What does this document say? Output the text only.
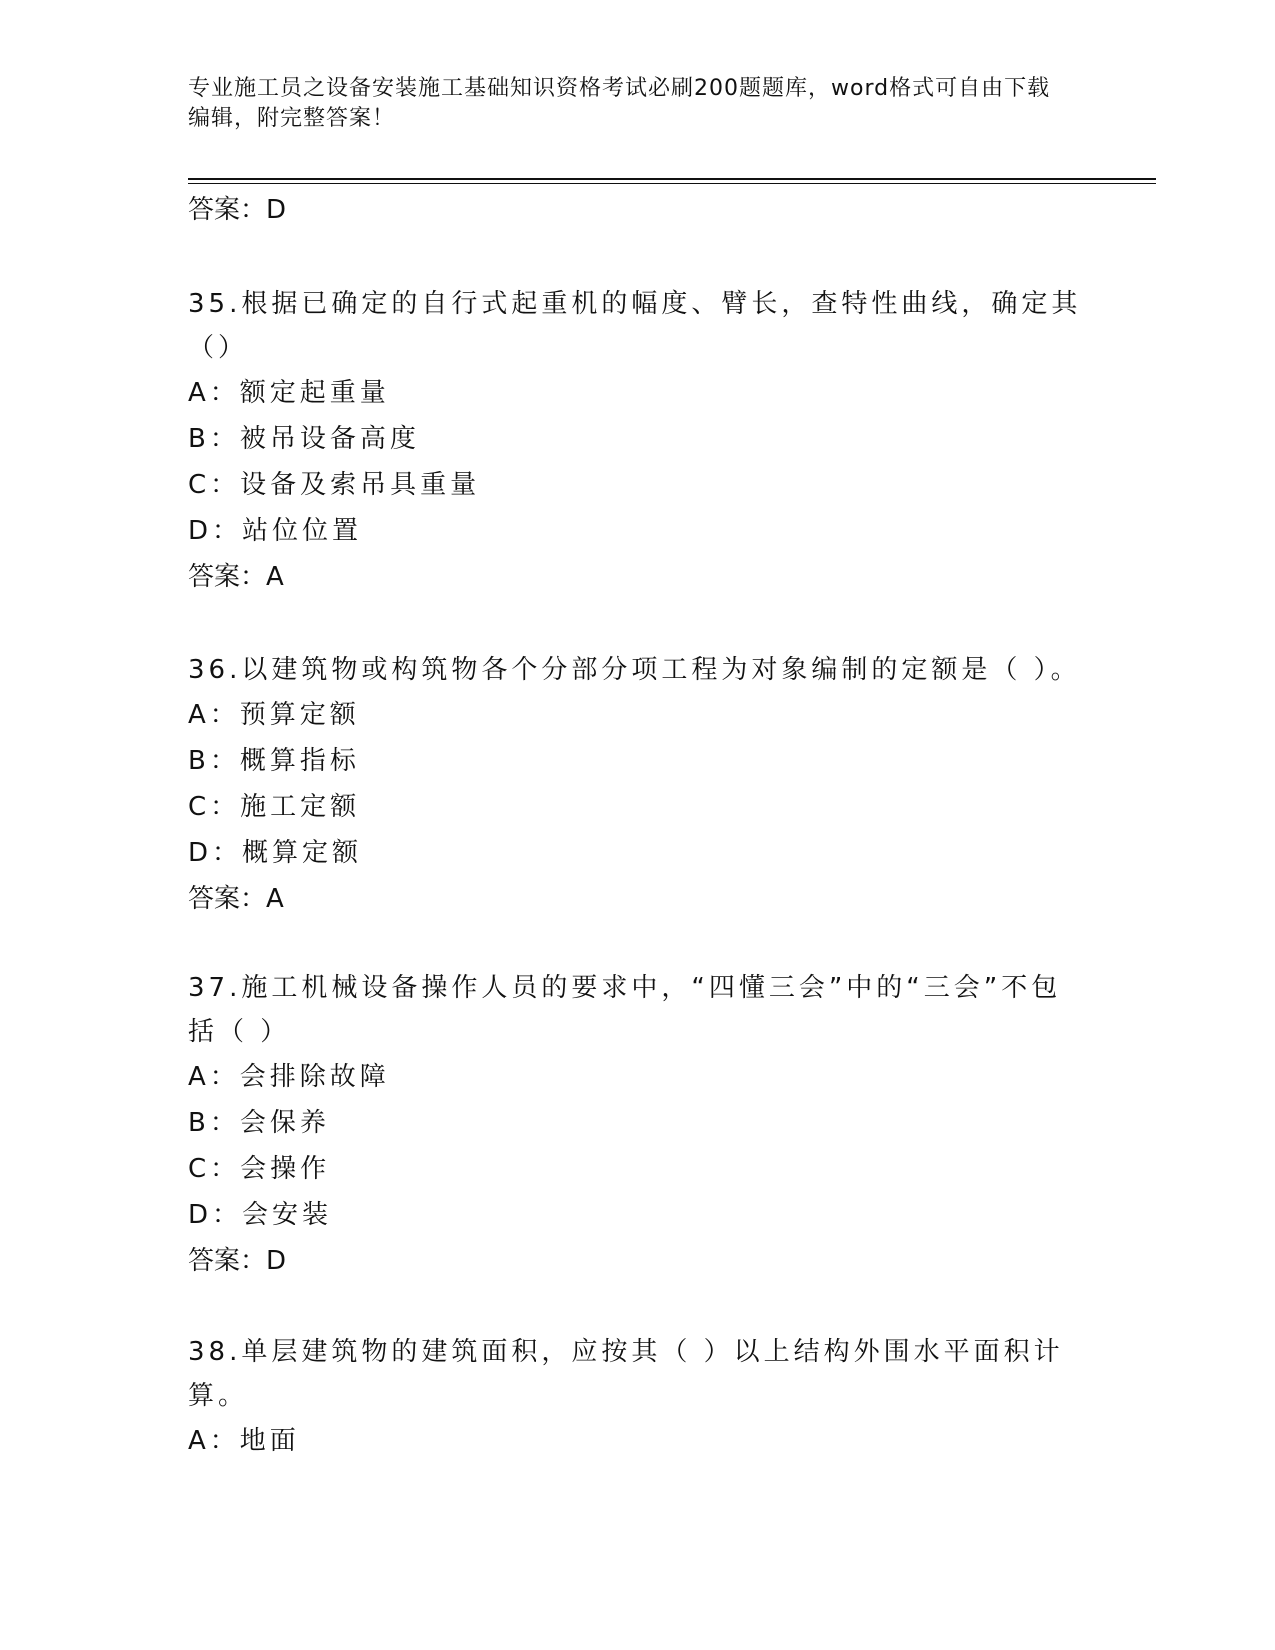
专业施工员之设备安装施工基础知识资格考试必刷200题题库，word格式可自由下载编辑，附完整答案！
答案：D

35.根据已确定的自行式起重机的幅度、臂长，查特性曲线，确定其（）

A：额定起重量

B：被吊设备高度

C：设备及索吊具重量

D：站位位置

答案：A

36.以建筑物或构筑物各个分部分项工程为对象编制的定额是（ ）。

A：预算定额

B：概算指标

C：施工定额

D：概算定额

答案：A

37.施工机械设备操作人员的要求中，“四懂三会”中的“三会”不包括（ ）

A：会排除故障

B：会保养

C：会操作

D：会安装

答案：D

38.单层建筑物的建筑面积，应按其（ ）以上结构外围水平面积计算。

A：地面
